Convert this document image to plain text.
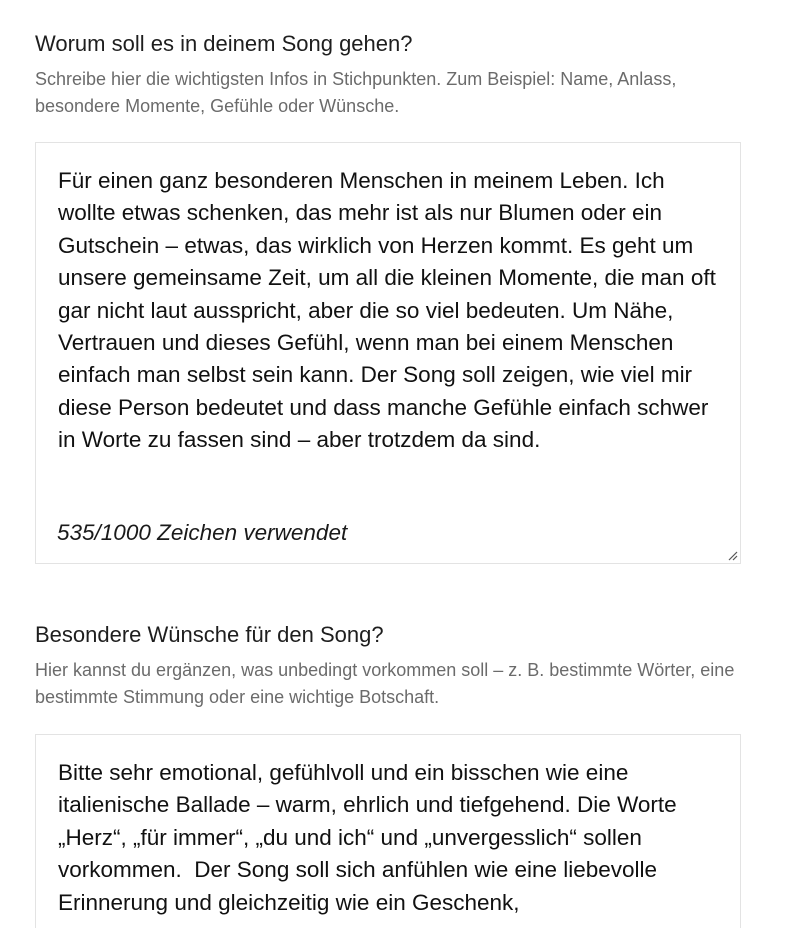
Worum soll es in deinem Song gehen?

Schreibe hier die wichtigsten Infos in Stichpunkten. Zum Beispiel: Name, Anlass, besondere Momente, Gefühle oder Wünsche.

Für einen ganz besonderen Menschen in meinem Leben. Ich wollte etwas schenken, das mehr ist als nur Blumen oder ein Gutschein – etwas, das wirklich von Herzen kommt. Es geht um unsere gemeinsame Zeit, um all die kleinen Momente, die man oft gar nicht laut ausspricht, aber die so viel bedeuten. Um Nähe, Vertrauen und dieses Gefühl, wenn man bei einem Menschen einfach man selbst sein kann. Der Song soll zeigen, wie viel mir diese Person bedeutet und dass manche Gefühle einfach schwer in Worte zu fassen sind – aber trotzdem da sind.

535/1000 Zeichen verwendet

Besondere Wünsche für den Song?

Hier kannst du ergänzen, was unbedingt vorkommen soll – z. B. bestimmte Wörter, eine bestimmte Stimmung oder eine wichtige Botschaft.

Bitte sehr emotional, gefühlvoll und ein bisschen wie eine italienische Ballade – warm, ehrlich und tiefgehend. Die Worte „Herz“, „für immer“, „du und ich“ und „unvergesslich“ sollen vorkommen.  Der Song soll sich anfühlen wie eine liebevolle Erinnerung und gleichzeitig wie ein Geschenk,
